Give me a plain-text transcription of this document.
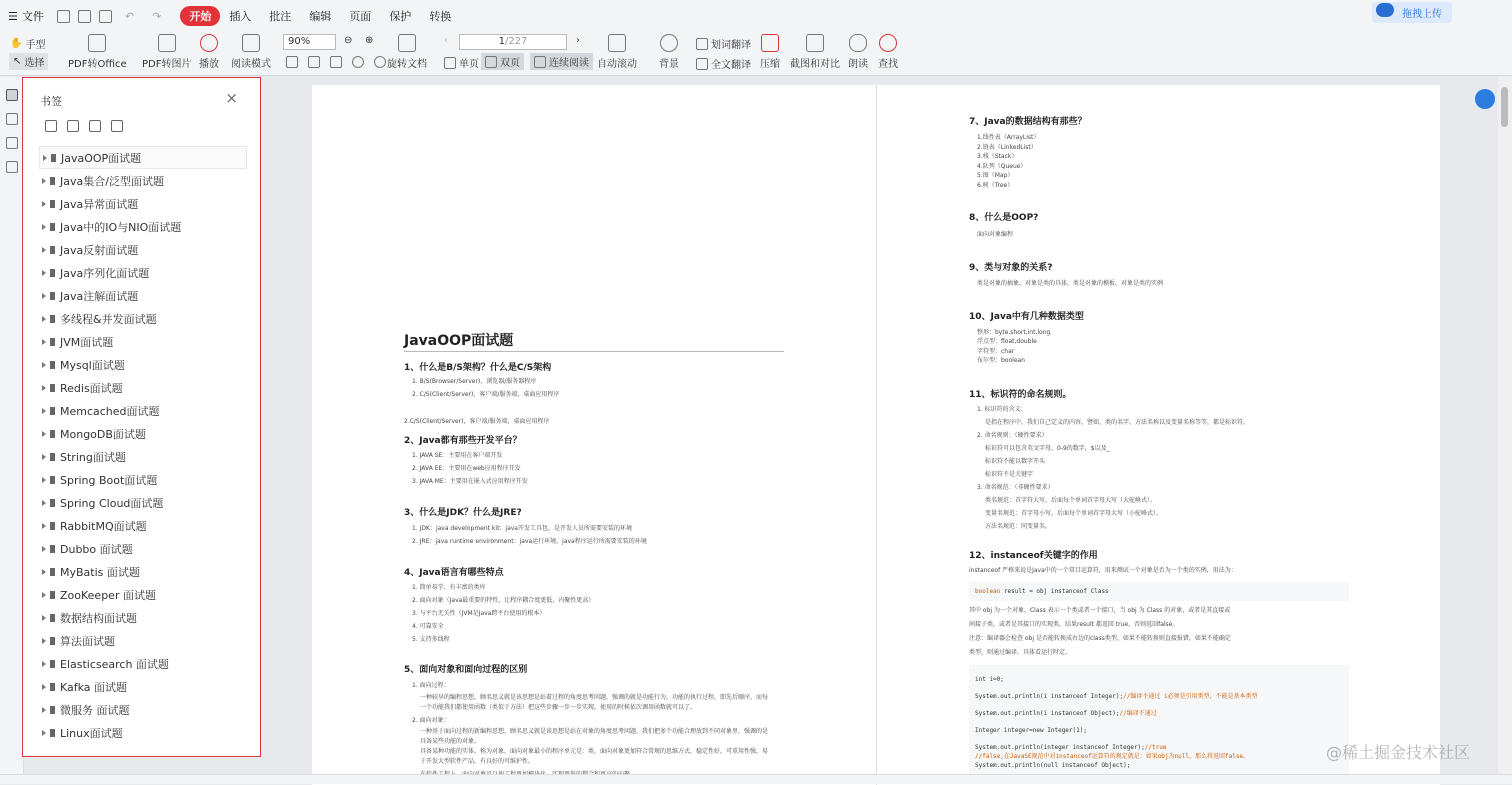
☰ 文件	↶ ↷	开始	插入 批注 编辑 页面 保护 转换	拖拽上传
✋ 手型
↖ 选择 PDF转Office PDF转图片 播放 阅读模式
90%	⊖ ⊕
旋转文档
‹	1/227	›
单页 双页	连续阅读 自动滚动 背景
划词翻译
全文翻译 压缩 截图和对比 朗读 查找
书签	×
JavaOOP面试题
Java集合/泛型面试题
Java异常面试题
Java中的IO与NIO面试题
Java反射面试题
Java序列化面试题
Java注解面试题
多线程&并发面试题
JVM面试题
Mysql面试题
Redis面试题
Memcached面试题
MongoDB面试题
String面试题
Spring Boot面试题
Spring Cloud面试题
RabbitMQ面试题
Dubbo 面试题
MyBatis 面试题
ZooKeeper 面试题
数据结构面试题
算法面试题
Elasticsearch 面试题
Kafka 面试题
微服务 面试题
Linux面试题
JavaOOP面试题
1、什么是B/S架构？什么是C/S架构
1. B/S(Browser/Server)，浏览器/服务器程序
2. C/S(Client/Server)，客户端/服务端，桌面应用程序
2.C/S(Client/Server)，客户端/服务端，桌面应用程序
2、Java都有那些开发平台？
1. JAVA SE：主要用在客户端开发
2. JAVA EE：主要用在web应用程序开发
3. JAVA ME：主要用在嵌入式应用程序开发
3、什么是JDK？什么是JRE?
1. JDK：java development kit：java开发工具包，是开发人员所需要安装的环境
2. JRE：java runtime environment：java运行环境，java程序运行所需要安装的环境
4、Java语言有哪些特点
1. 简单易学、有丰富的类库
2. 面向对象（Java最重要的特性，让程序耦合度更低，内聚性更高）
3. 与平台无关性（JVM是Java跨平台使用的根本）
4. 可靠安全
5. 支持多线程
5、面向对象和面向过程的区别
1. 面向过程：
一种较早的编程思想，顾名思义就是该思想是站着过程的角度思考问题，强调的就是功能行为，功能的执行过程，即先后顺序，而每
一个功能我们都使用函数（类似于方法）把这些步骤一步一步实现。使用的时候依次调用函数就可以了。
2. 面向对象：
一种基于面向过程的新编程思想，顾名思义就是该思想是站在对象的角度思考问题，我们把多个功能合理放到不同对象里，强调的是
具备某些功能的对象。
具备某种功能的实体，称为对象。面向对象最小的程序单元是：类。面向对象更加符合常规的思维方式，稳定性好，可重用性强，易
于开发大型软件产品，有良好的可维护性。
7、Java的数据结构有那些？
1.线性表（ArrayList）
2.链表（LinkedList）
3.栈（Stack）
4.队列（Queue）
5.图（Map）
6.树（Tree）
8、什么是OOP?
面向对象编程
9、类与对象的关系?
类是对象的抽象，对象是类的具体，类是对象的模板，对象是类的实例
10、Java中有几种数据类型
整形：byte,short,int,long
浮点型：float,double
字符型：char
布尔型：boolean
11、标识符的命名规则。
1. 标识符的含义：
是指在程序中，我们自己定义的内容，譬如，类的名字，方法名称以及变量名称等等，都是标识符。
2. 命名规则：（硬性要求）
标识符可以包含英文字母，0-9的数字，$以及_
标识符不能以数字开头
标识符不是关键字
3. 命名规范：（非硬性要求）
类名规范：首字符大写，后面每个单词首字母大写（大驼峰式）。
变量名规范：首字母小写，后面每个单词首字母大写（小驼峰式）。
方法名规范：同变量名。
12、instanceof关键字的作用
instanceof 严格来说是Java中的一个双目运算符，用来测试一个对象是否为一个类的实例，用法为：
boolean result = obj instanceof Class
其中 obj 为一个对象，Class 表示一个类或者一个接口，当 obj 为 Class 的对象，或者是其直接或
间接子类，或者是其接口的实现类，结果result 都返回 true，否则返回false。
注意：编译器会检查 obj 是否能转换成右边的class类型，如果不能转换则直接报错，如果不能确定
类型，则通过编译，具体看运行时定。
int i=0;
System.out.println(i instanceof Integer);//编译不通过 i必须是引用类型，不能是基本类型
System.out.println(i instanceof Object);//编译不通过
Integer integer=new Integer(1);
System.out.println(integer instanceof Integer);//true
//false,在JavaSE规范中对instanceof运算符的规定就是：如果obj为null，那么将返回false。
System.out.println(null instanceof Object);
@稀土掘金技术社区
